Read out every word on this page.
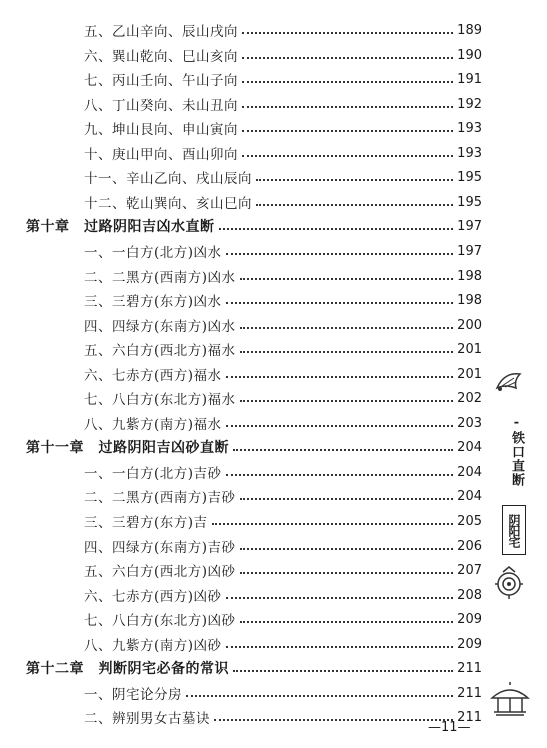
五、乙山辛向、辰山戌向	189
六、巽山乾向、巳山亥向	190
七、丙山壬向、午山子向	191
八、丁山癸向、未山丑向	192
九、坤山艮向、申山寅向	193
十、庚山甲向、酉山卯向	193
十一、辛山乙向、戌山辰向	195
十二、乾山巽向、亥山巳向	195
第十章　过路阴阳吉凶水直断	197
一、一白方(北方)凶水	197
二、二黑方(西南方)凶水	198
三、三碧方(东方)凶水	198
四、四绿方(东南方)凶水	200
五、六白方(西北方)福水	201
六、七赤方(西方)福水	201
七、八白方(东北方)福水	202
八、九紫方(南方)福水	203
第十一章　过路阴阳吉凶砂直断	204
一、一白方(北方)吉砂	204
二、二黑方(西南方)吉砂	204
三、三碧方(东方)吉	205
四、四绿方(东南方)吉砂	206
五、六白方(西北方)凶砂	207
六、七赤方(西方)凶砂	208
七、八白方(东北方)凶砂	209
八、九紫方(南方)凶砂	209
第十二章　判断阴宅必备的常识	211
一、阴宅论分房	211
二、辨别男女古墓诀	211
-铁口直断
阴阳宅
—11—
